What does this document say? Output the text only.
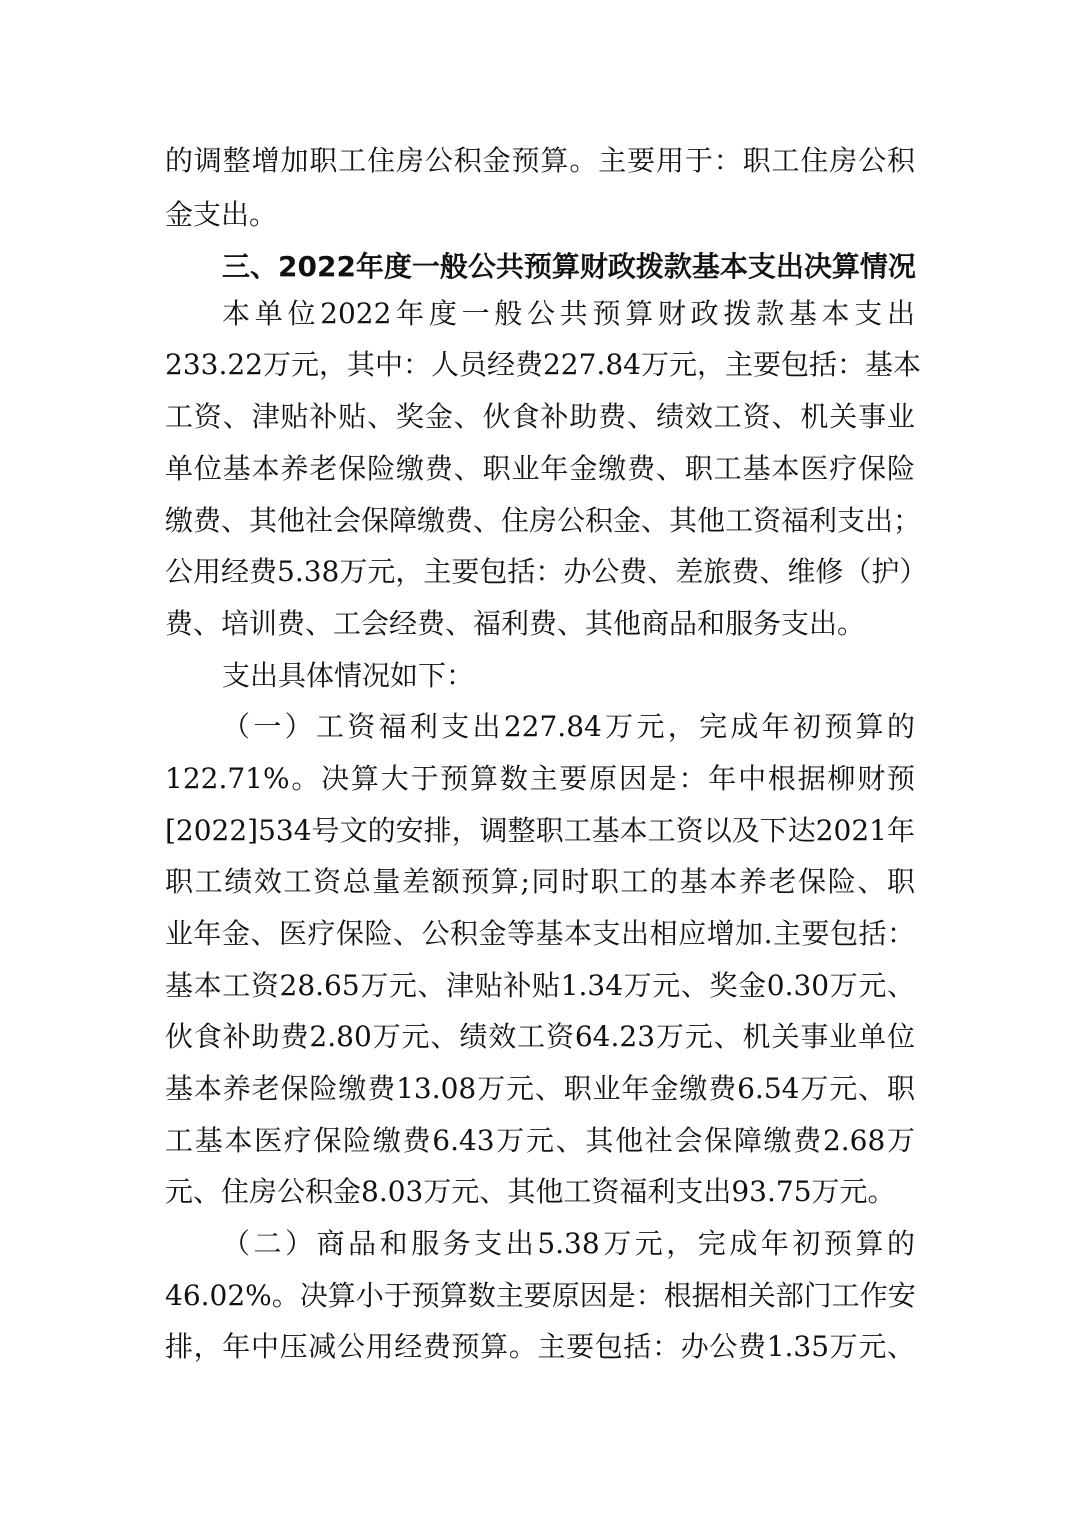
的调整增加职工住房公积金预算。主要用于：职工住房公积
金支出。
三、2022年度一般公共预算财政拨款基本支出决算情况
本单位2022年度一般公共预算财政拨款基本支出
233.22万元，其中：人员经费227.84万元，主要包括：基本
工资、津贴补贴、奖金、伙食补助费、绩效工资、机关事业
单位基本养老保险缴费、职业年金缴费、职工基本医疗保险
缴费、其他社会保障缴费、住房公积金、其他工资福利支出；
公用经费5.38万元，主要包括：办公费、差旅费、维修（护）
费、培训费、工会经费、福利费、其他商品和服务支出。
支出具体情况如下：
（一）工资福利支出227.84万元，完成年初预算的
122.71%。决算大于预算数主要原因是：年中根据柳财预
[2022]534号文的安排，调整职工基本工资以及下达2021年
职工绩效工资总量差额预算;同时职工的基本养老保险、职
业年金、医疗保险、公积金等基本支出相应增加.主要包括：
基本工资28.65万元、津贴补贴1.34万元、奖金0.30万元、
伙食补助费2.80万元、绩效工资64.23万元、机关事业单位
基本养老保险缴费13.08万元、职业年金缴费6.54万元、职
工基本医疗保险缴费6.43万元、其他社会保障缴费2.68万
元、住房公积金8.03万元、其他工资福利支出93.75万元。
（二）商品和服务支出5.38万元，完成年初预算的
46.02%。决算小于预算数主要原因是：根据相关部门工作安
排，年中压减公用经费预算。主要包括：办公费1.35万元、
